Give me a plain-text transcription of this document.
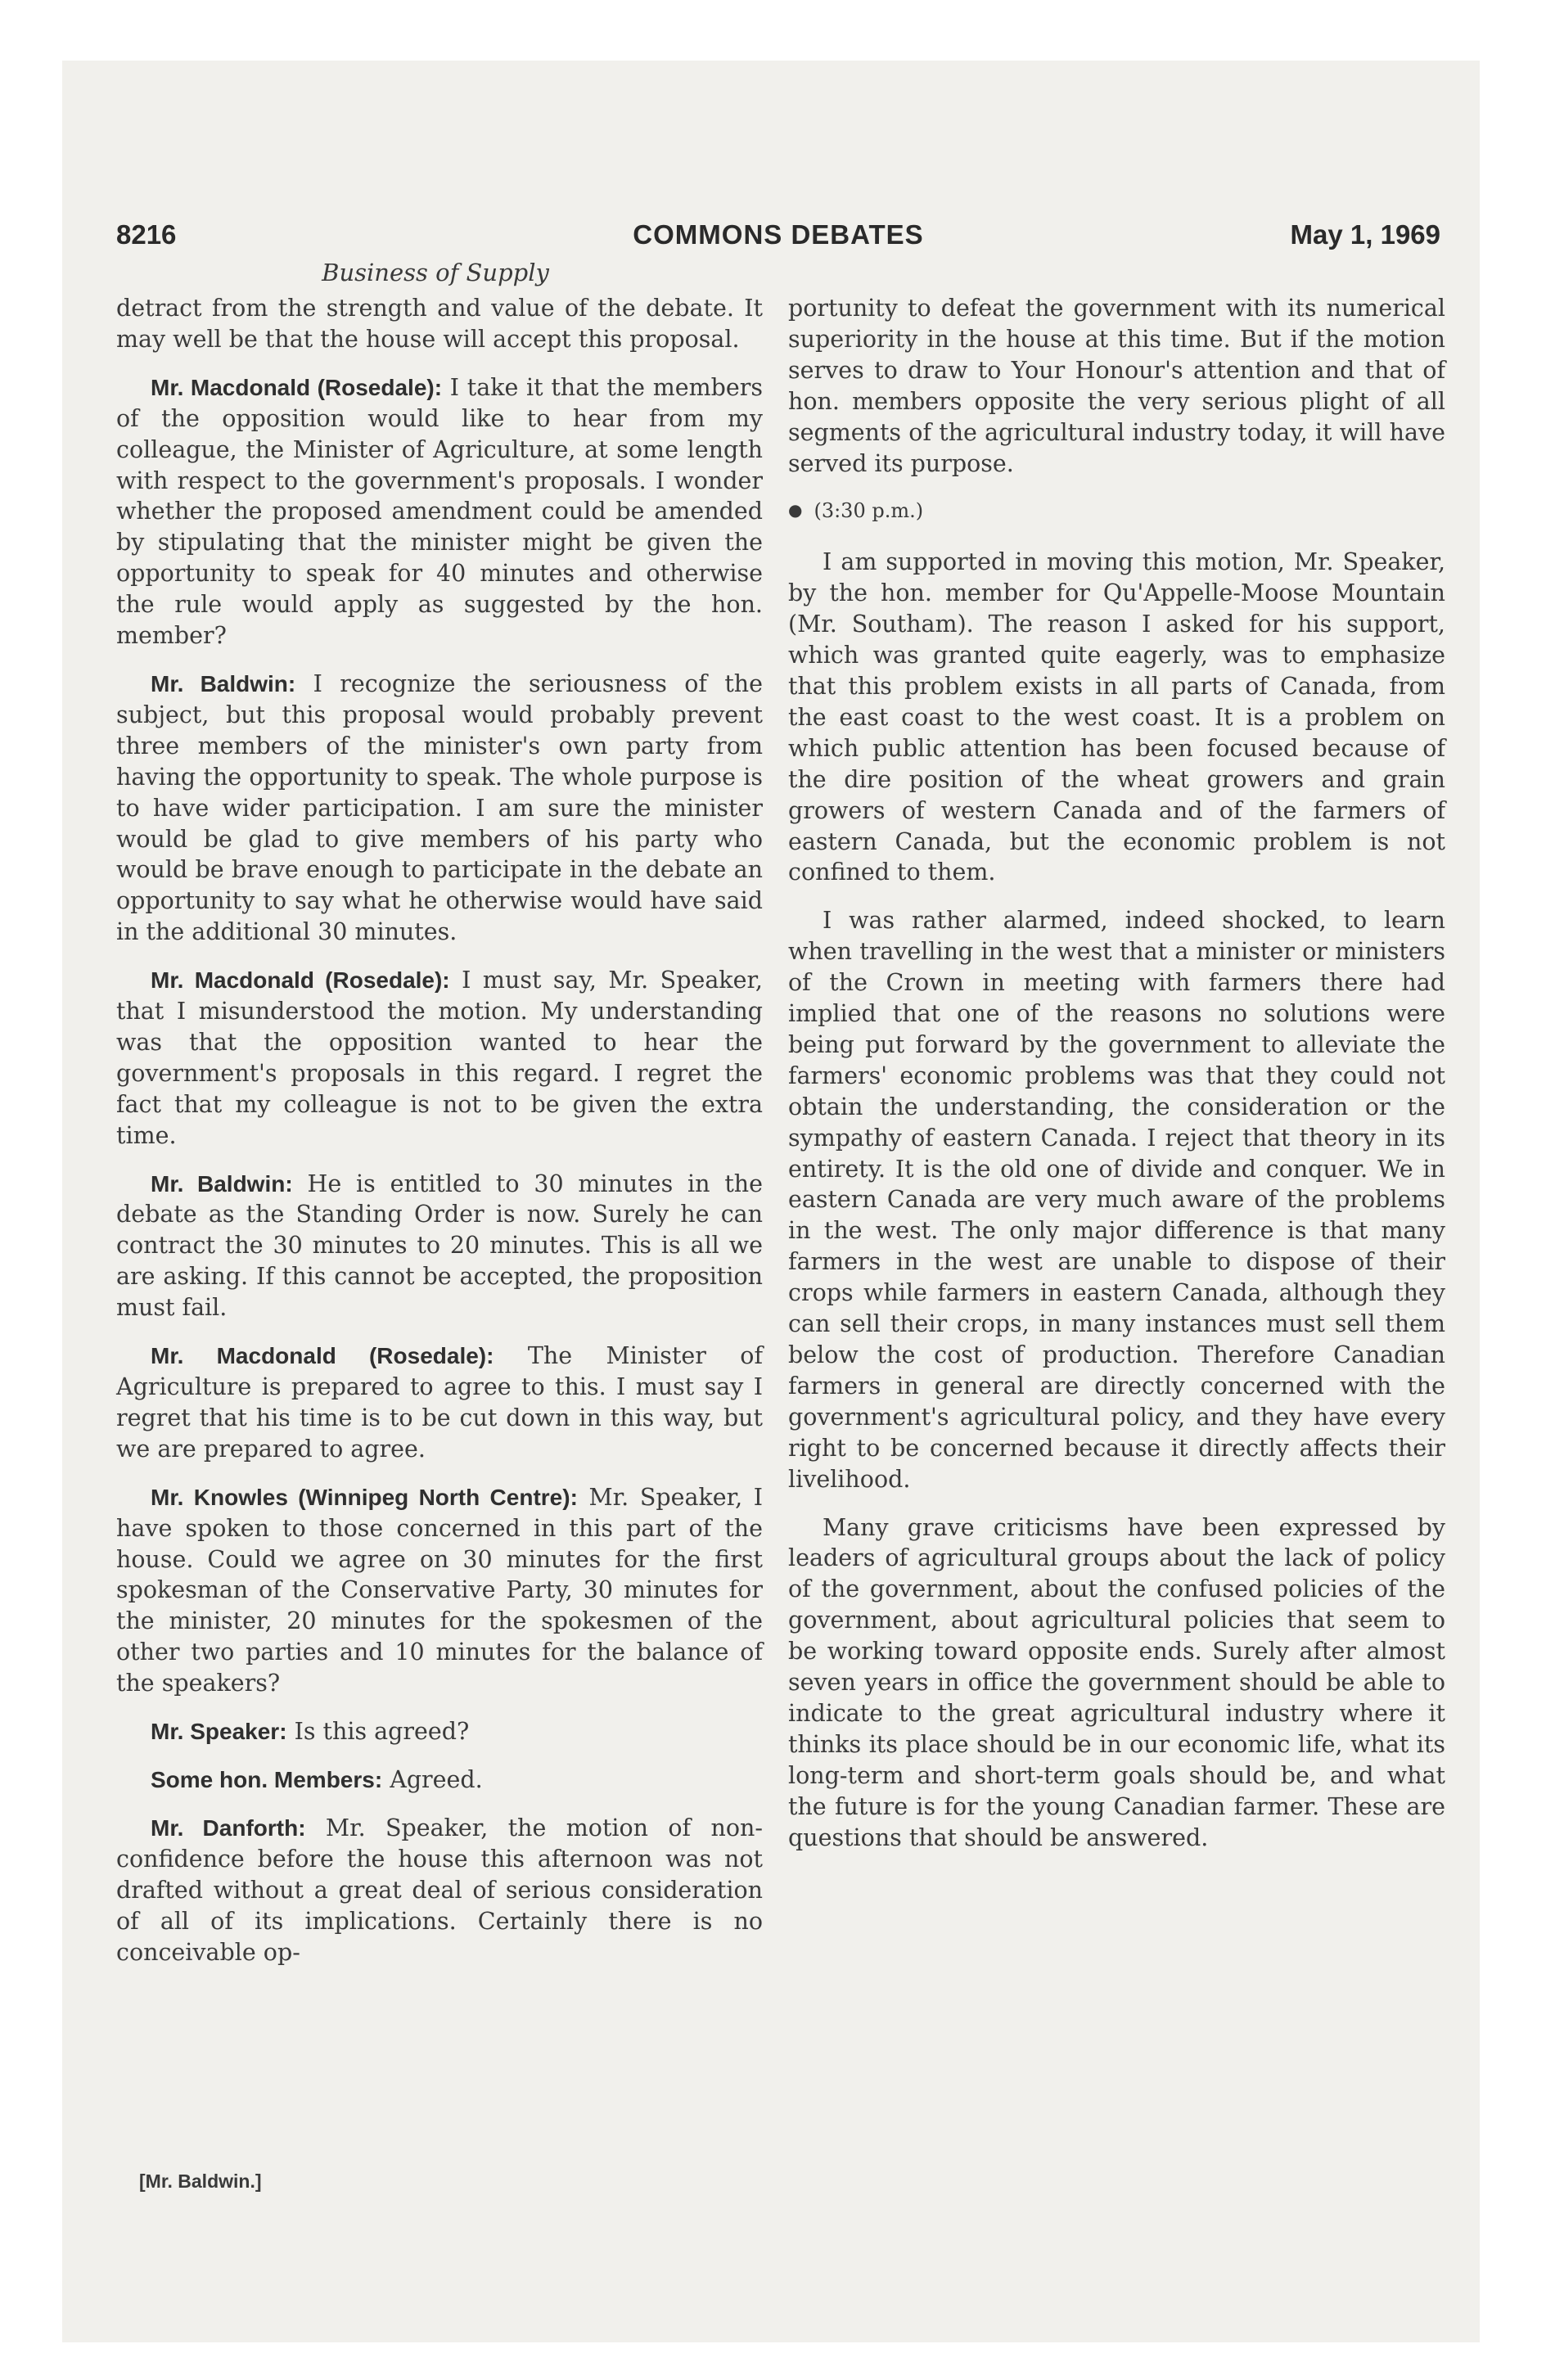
8216	COMMONS DEBATES	May 1, 1969
Business of Supply

detract from the strength and value of the debate. It may well be that the house will accept this proposal.

Mr. Macdonald (Rosedale): I take it that the members of the opposition would like to hear from my colleague, the Minister of Agriculture, at some length with respect to the government's proposals. I wonder whether the proposed amendment could be amended by stipulating that the minister might be given the opportunity to speak for 40 minutes and otherwise the rule would apply as suggested by the hon. member?

Mr. Baldwin: I recognize the seriousness of the subject, but this proposal would probably prevent three members of the minister's own party from having the opportunity to speak. The whole purpose is to have wider participation. I am sure the minister would be glad to give members of his party who would be brave enough to participate in the debate an opportunity to say what he otherwise would have said in the additional 30 minutes.

Mr. Macdonald (Rosedale): I must say, Mr. Speaker, that I misunderstood the motion. My understanding was that the opposition wanted to hear the government's proposals in this regard. I regret the fact that my colleague is not to be given the extra time.

Mr. Baldwin: He is entitled to 30 minutes in the debate as the Standing Order is now. Surely he can contract the 30 minutes to 20 minutes. This is all we are asking. If this cannot be accepted, the proposition must fail.

Mr. Macdonald (Rosedale): The Minister of Agriculture is prepared to agree to this. I must say I regret that his time is to be cut down in this way, but we are prepared to agree.

Mr. Knowles (Winnipeg North Centre): Mr. Speaker, I have spoken to those concerned in this part of the house. Could we agree on 30 minutes for the first spokesman of the Conservative Party, 30 minutes for the minister, 20 minutes for the spokesmen of the other two parties and 10 minutes for the balance of the speakers?

Mr. Speaker: Is this agreed?

Some hon. Members: Agreed.

Mr. Danforth: Mr. Speaker, the motion of non-confidence before the house this afternoon was not drafted without a great deal of serious consideration of all of its implications. Certainly there is no conceivable op-

portunity to defeat the government with its numerical superiority in the house at this time. But if the motion serves to draw to Your Honour's attention and that of hon. members opposite the very serious plight of all segments of the agricultural industry today, it will have served its purpose.

● (3:30 p.m.)

I am supported in moving this motion, Mr. Speaker, by the hon. member for Qu'Appelle-Moose Mountain (Mr. Southam). The reason I asked for his support, which was granted quite eagerly, was to emphasize that this problem exists in all parts of Canada, from the east coast to the west coast. It is a problem on which public attention has been focused because of the dire position of the wheat growers and grain growers of western Canada and of the farmers of eastern Canada, but the economic problem is not confined to them.

I was rather alarmed, indeed shocked, to learn when travelling in the west that a minister or ministers of the Crown in meeting with farmers there had implied that one of the reasons no solutions were being put forward by the government to alleviate the farmers' economic problems was that they could not obtain the understanding, the consideration or the sympathy of eastern Canada. I reject that theory in its entirety. It is the old one of divide and conquer. We in eastern Canada are very much aware of the problems in the west. The only major difference is that many farmers in the west are unable to dispose of their crops while farmers in eastern Canada, although they can sell their crops, in many instances must sell them below the cost of production. Therefore Canadian farmers in general are directly concerned with the government's agricultural policy, and they have every right to be concerned because it directly affects their livelihood.

Many grave criticisms have been expressed by leaders of agricultural groups about the lack of policy of the government, about the confused policies of the government, about agricultural policies that seem to be working toward opposite ends. Surely after almost seven years in office the government should be able to indicate to the great agricultural industry where it thinks its place should be in our economic life, what its long-term and short-term goals should be, and what the future is for the young Canadian farmer. These are questions that should be answered.

[Mr. Baldwin.]
